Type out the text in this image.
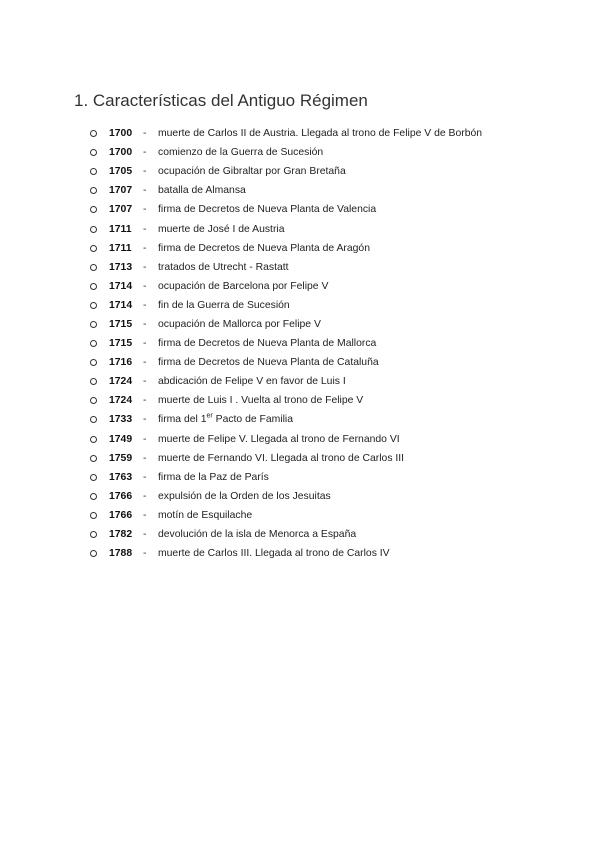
1. Características del Antiguo Régimen
1700	-	muerte de Carlos II de Austria. Llegada al trono de Felipe V de Borbón
1700	-	comienzo de la Guerra de Sucesión
1705	-	ocupación de Gibraltar por Gran Bretaña
1707	-	batalla de Almansa
1707	-	firma de Decretos de Nueva Planta de Valencia
1711	-	muerte de José I de Austria
1711	-	firma de Decretos de Nueva Planta de Aragón
1713	-	tratados de Utrecht - Rastatt
1714	-	ocupación de Barcelona por Felipe V
1714	-	fin de la Guerra de Sucesión
1715	-	ocupación de Mallorca por Felipe V
1715	-	firma de Decretos de Nueva Planta de Mallorca
1716	-	firma de Decretos de Nueva Planta de Cataluña
1724	-	abdicación de Felipe V en favor de Luis I
1724	-	muerte de Luis I . Vuelta al trono de Felipe V
1733	-	firma del 1er Pacto de Familia
1749	-	muerte de Felipe V. Llegada al trono de Fernando VI
1759	-	muerte de Fernando VI. Llegada al trono de Carlos III
1763	-	firma de la Paz de París
1766	-	expulsión de la Orden de los Jesuitas
1766	-	motín de Esquilache
1782	-	devolución de la isla de Menorca a España
1788	-	muerte de Carlos III. Llegada al trono de Carlos IV
